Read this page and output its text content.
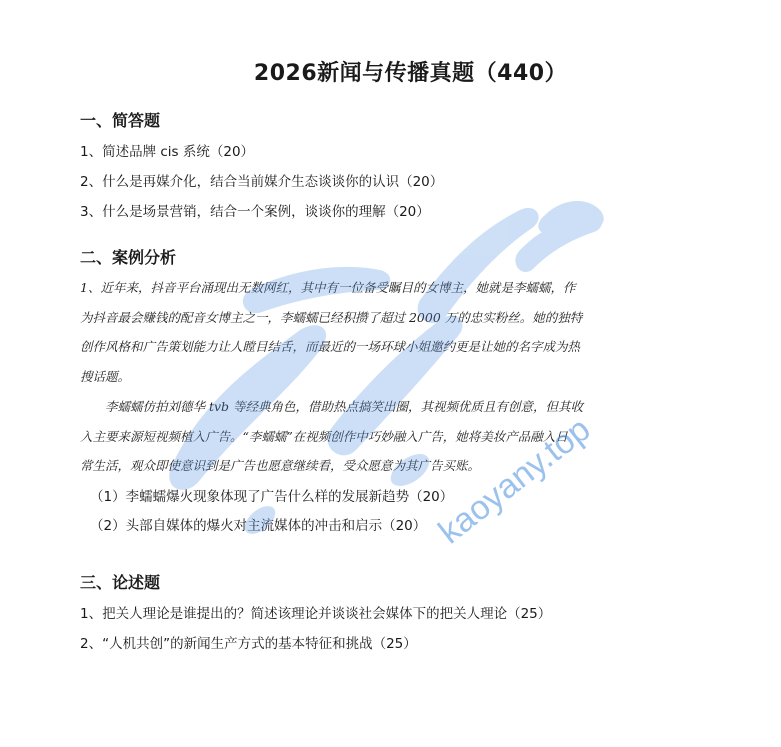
2026新闻与传播真题（440）
一、简答题
1、简述品牌 cis 系统（20）
2、什么是再媒介化，结合当前媒介生态谈谈你的认识（20）
3、什么是场景营销，结合一个案例，谈谈你的理解（20）
二、案例分析
1、近年来，抖音平台涌现出无数网红，其中有一位备受瞩目的女博主，她就是李蠕蠕，作
为抖音最会赚钱的配音女博主之一，李蠕蠕已经积攒了超过 2000 万的忠实粉丝。她的独特
创作风格和广告策划能力让人瞠目结舌，而最近的一场环球小姐邀约更是让她的名字成为热
搜话题。
　　李蠕蠕仿拍刘德华 tvb 等经典角色，借助热点搞笑出圈，其视频优质且有创意，但其收
入主要来源短视频植入广告。“李蠕蠕”在视频创作中巧妙融入广告，她将美妆产品融入日
常生活，观众即使意识到是广告也愿意继续看，受众愿意为其广告买账。
（1）李蠕蠕爆火现象体现了广告什么样的发展新趋势（20）
（2）头部自媒体的爆火对主流媒体的冲击和启示（20）
三、论述题
1、把关人理论是谁提出的？简述该理论并谈谈社会媒体下的把关人理论（25）
2、“人机共创”的新闻生产方式的基本特征和挑战（25）
kaoyany.top
